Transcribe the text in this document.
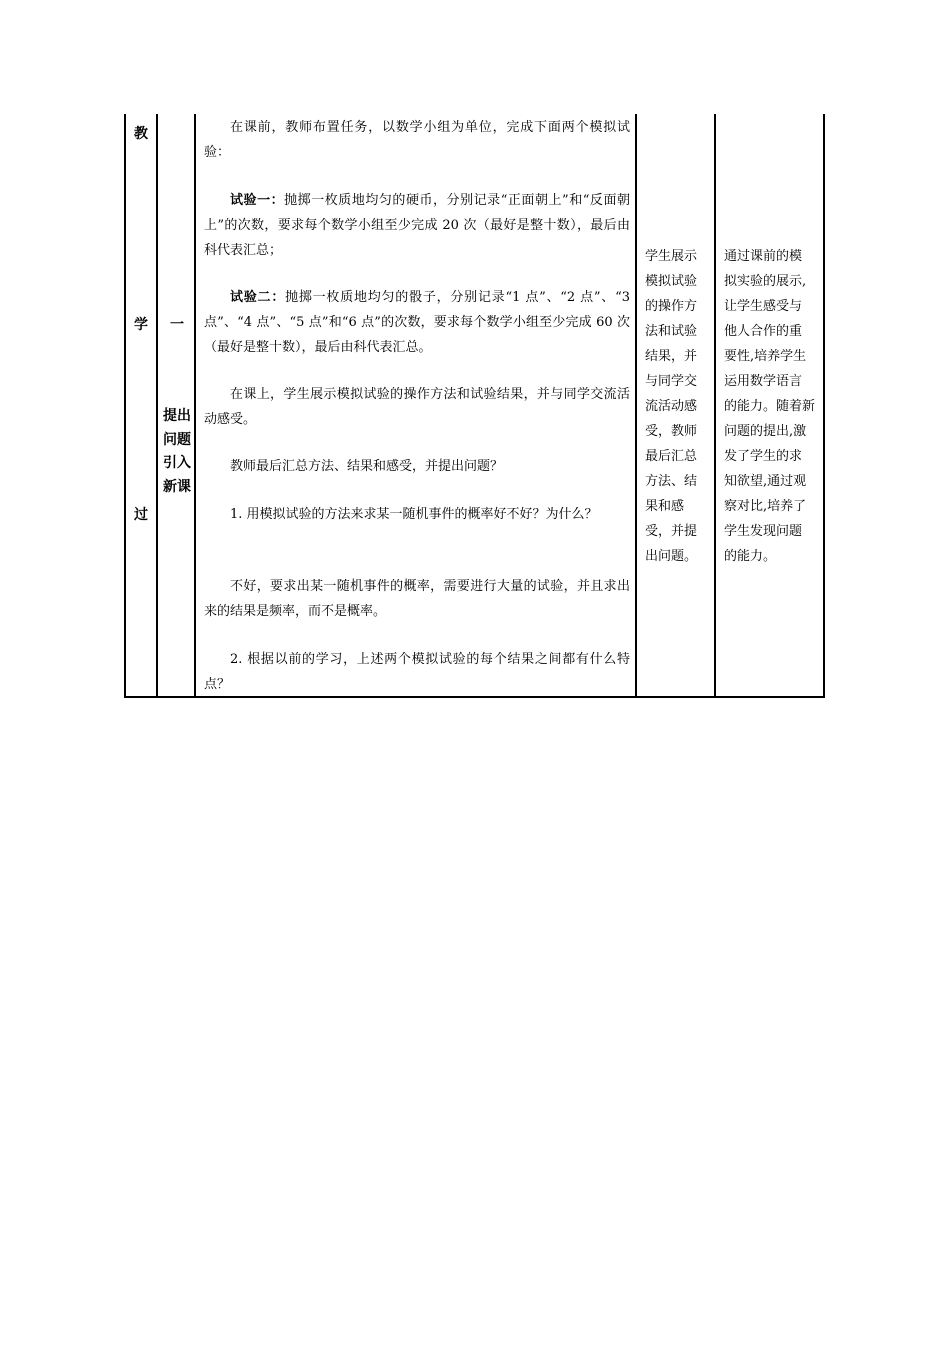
教
学
过
一
提出
问题
引入
新课
在课前，教师布置任务，以数学小组为单位，完成下面两个模拟试验：
试验一：抛掷一枚质地均匀的硬币，分别记录“正面朝上”和“反面朝上”的次数，要求每个数学小组至少完成 20 次（最好是整十数），最后由科代表汇总；
试验二：抛掷一枚质地均匀的骰子，分别记录“1 点”、“2 点”、“3 点”、“4 点”、“5 点”和“6 点”的次数，要求每个数学小组至少完成 60 次（最好是整十数），最后由科代表汇总。
在课上，学生展示模拟试验的操作方法和试验结果，并与同学交流活动感受。
教师最后汇总方法、结果和感受，并提出问题？
1. 用模拟试验的方法来求某一随机事件的概率好不好？为什么？
不好，要求出某一随机事件的概率，需要进行大量的试验，并且求出来的结果是频率，而不是概率。
2. 根据以前的学习，上述两个模拟试验的每个结果之间都有什么特点？
学生展示
模拟试验
的操作方
法和试验
结果，并
与同学交
流活动感
受，教师
最后汇总
方法、结
果和感
受，并提
出问题。
通过课前的模
拟实验的展示,
让学生感受与
他人合作的重
要性,培养学生
运用数学语言
的能力。随着新
问题的提出,激
发了学生的求
知欲望,通过观
察对比,培养了
学生发现问题
的能力。
